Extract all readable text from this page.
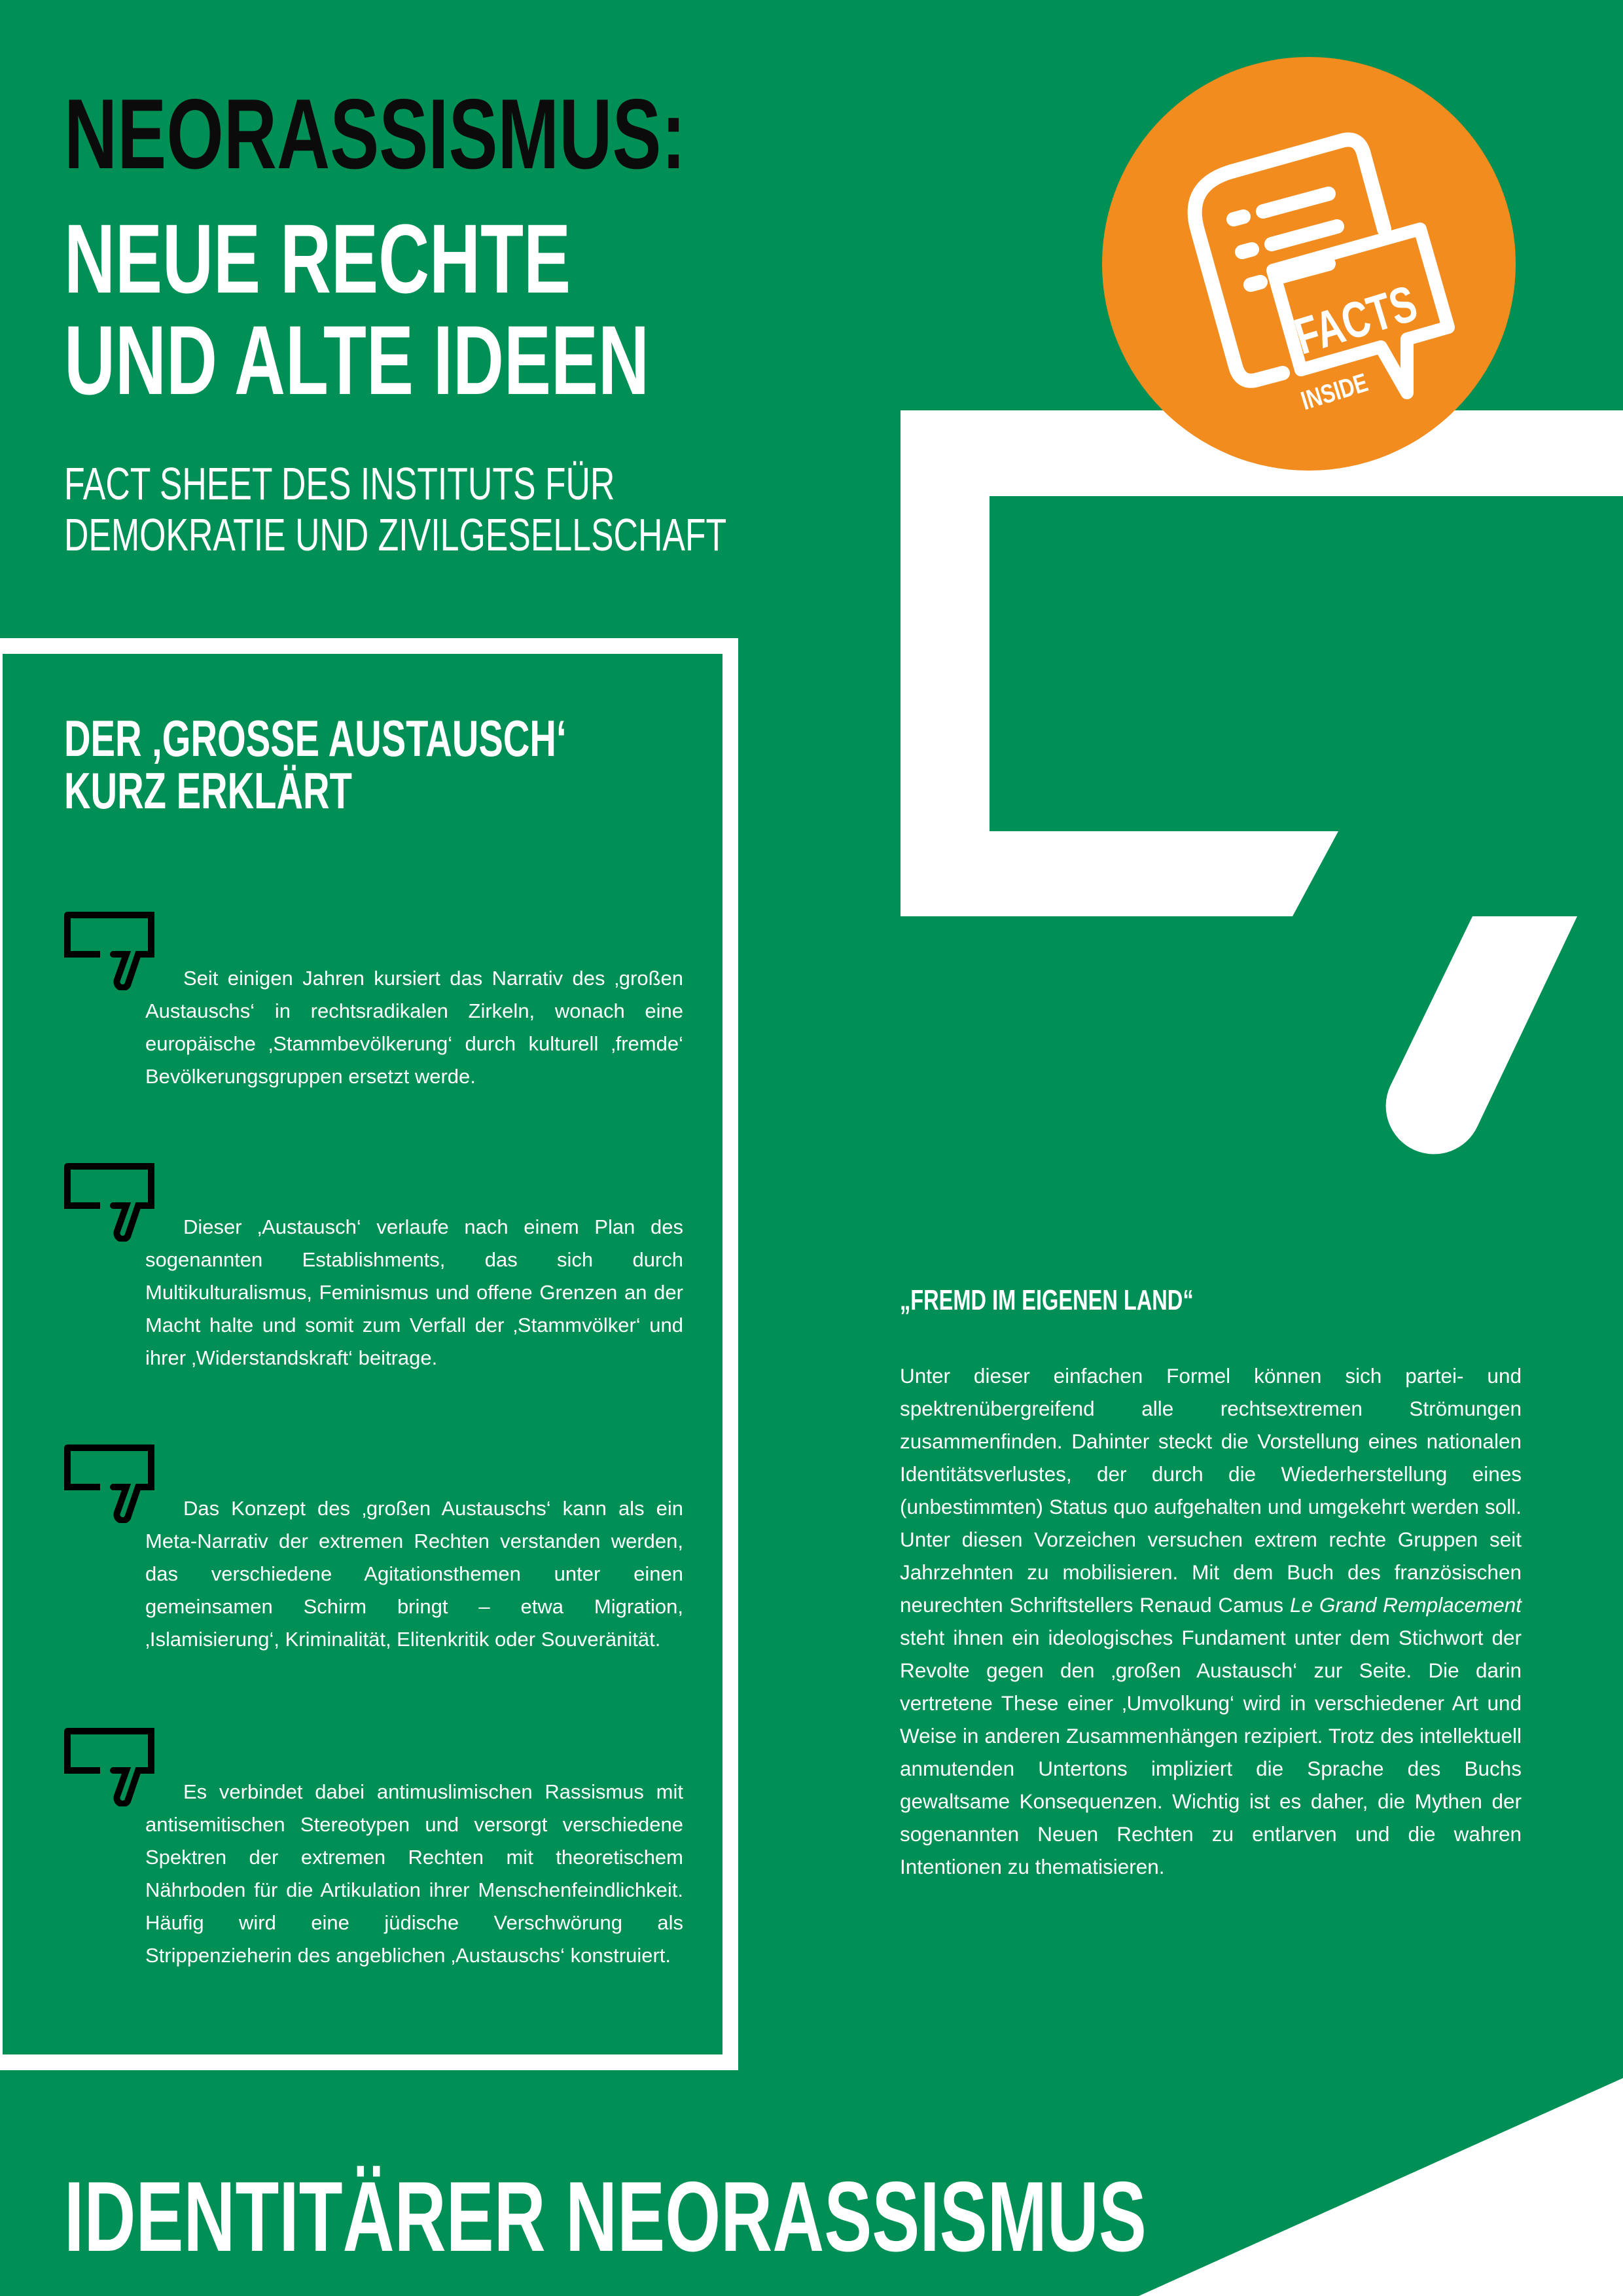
FACTS
INSIDE
NEORASSISMUS:
NEUE RECHTE
UND ALTE IDEEN
FACT SHEET DES INSTITUTS FÜR
DEMOKRATIE UND ZIVILGESELLSCHAFT
DER ‚GROSSE AUSTAUSCH‘
KURZ ERKLÄRT
Seit einigen Jahren kursiert das Narrativ des ‚großen Austauschs‘ in rechtsradikalen Zirkeln, wonach eine europäische ‚Stammbevölkerung‘ durch kulturell ‚fremde‘ Bevölkerungsgruppen ersetzt werde.
Dieser ‚Austausch‘ verlaufe nach einem Plan des sogenannten Establishments, das sich durch Multikulturalismus, Feminismus und offene Grenzen an der Macht halte und somit zum Verfall der ‚Stammvölker‘ und ihrer ‚Widerstandskraft‘ beitrage.
Das Konzept des ‚großen Austauschs‘ kann als ein Meta-Narrativ der extremen Rechten verstanden werden, das verschiedene Agitationsthemen unter einen gemeinsamen Schirm bringt – etwa Migration, ‚Islamisierung‘, Kriminalität, Elitenkritik oder Souveränität.
Es verbindet dabei antimuslimischen Rassismus mit antisemitischen Stereotypen und versorgt verschiedene Spektren der extremen Rechten mit theoretischem Nährboden für die Artikulation ihrer Menschenfeindlichkeit. Häufig wird eine jüdische Verschwörung als Strippenzieherin des angeblichen ‚Austauschs‘ konstruiert.
„FREMD IM EIGENEN LAND“
Unter dieser einfachen Formel können sich partei- und spektrenübergreifend alle rechtsextremen Strömungen zusammenfinden. Dahinter steckt die Vorstellung eines nationalen Identitätsverlustes, der durch die Wiederherstellung eines (unbestimmten) Status quo aufgehalten und umgekehrt werden soll. Unter diesen Vorzeichen versuchen extrem rechte Gruppen seit Jahrzehnten zu mobilisieren. Mit dem Buch des französischen neurechten Schriftstellers Renaud Camus Le Grand Remplacement steht ihnen ein ideologisches Fundament unter dem Stichwort der Revolte gegen den ‚großen Austausch‘ zur Seite. Die darin vertretene These einer ‚Umvolkung‘ wird in verschiedener Art und Weise in anderen Zusammenhängen rezipiert. Trotz des intellektuell anmutenden Untertons impliziert die Sprache des Buchs gewaltsame Konsequenzen. Wichtig ist es daher, die Mythen der sogenannten Neuen Rechten zu entlarven und die wahren Intentionen zu thematisieren.
IDENTITÄRER NEORASSISMUS
